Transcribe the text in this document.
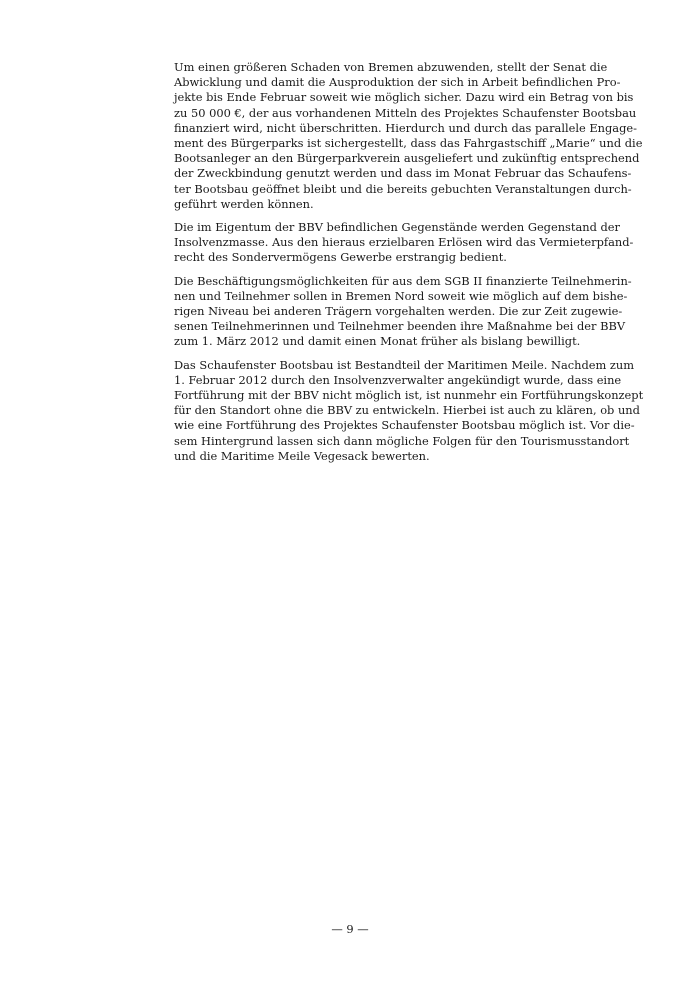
Um einen größeren Schaden von Bremen abzuwenden, stellt der Senat die
Abwicklung und damit die Ausproduktion der sich in Arbeit befindlichen Pro-
jekte bis Ende Februar soweit wie möglich sicher. Dazu wird ein Betrag von bis
zu 50 000 €, der aus vorhandenen Mitteln des Projektes Schaufenster Bootsbau
finanziert wird, nicht überschritten. Hierdurch und durch das parallele Engage-
ment des Bürgerparks ist sichergestellt, dass das Fahrgastschiff „Marie“ und die
Bootsanleger an den Bürgerparkverein ausgeliefert und zukünftig entsprechend
der Zweckbindung genutzt werden und dass im Monat Februar das Schaufens-
ter Bootsbau geöffnet bleibt und die bereits gebuchten Veranstaltungen durch-
geführt werden können.

Die im Eigentum der BBV befindlichen Gegenstände werden Gegenstand der
Insolvenzmasse. Aus den hieraus erzielbaren Erlösen wird das Vermieterpfand-
recht des Sondervermögens Gewerbe erstrangig bedient.

Die Beschäftigungsmöglichkeiten für aus dem SGB II finanzierte Teilnehmerin-
nen und Teilnehmer sollen in Bremen Nord soweit wie möglich auf dem bishe-
rigen Niveau bei anderen Trägern vorgehalten werden. Die zur Zeit zugewie-
senen Teilnehmerinnen und Teilnehmer beenden ihre Maßnahme bei der BBV
zum 1. März 2012 und damit einen Monat früher als bislang bewilligt.

Das Schaufenster Bootsbau ist Bestandteil der Maritimen Meile. Nachdem zum
1. Februar 2012 durch den Insolvenzverwalter angekündigt wurde, dass eine
Fortführung mit der BBV nicht möglich ist, ist nunmehr ein Fortführungskonzept
für den Standort ohne die BBV zu entwickeln. Hierbei ist auch zu klären, ob und
wie eine Fortführung des Projektes Schaufenster Bootsbau möglich ist. Vor die-
sem Hintergrund lassen sich dann mögliche Folgen für den Tourismusstandort
und die Maritime Meile Vegesack bewerten.

— 9 —
